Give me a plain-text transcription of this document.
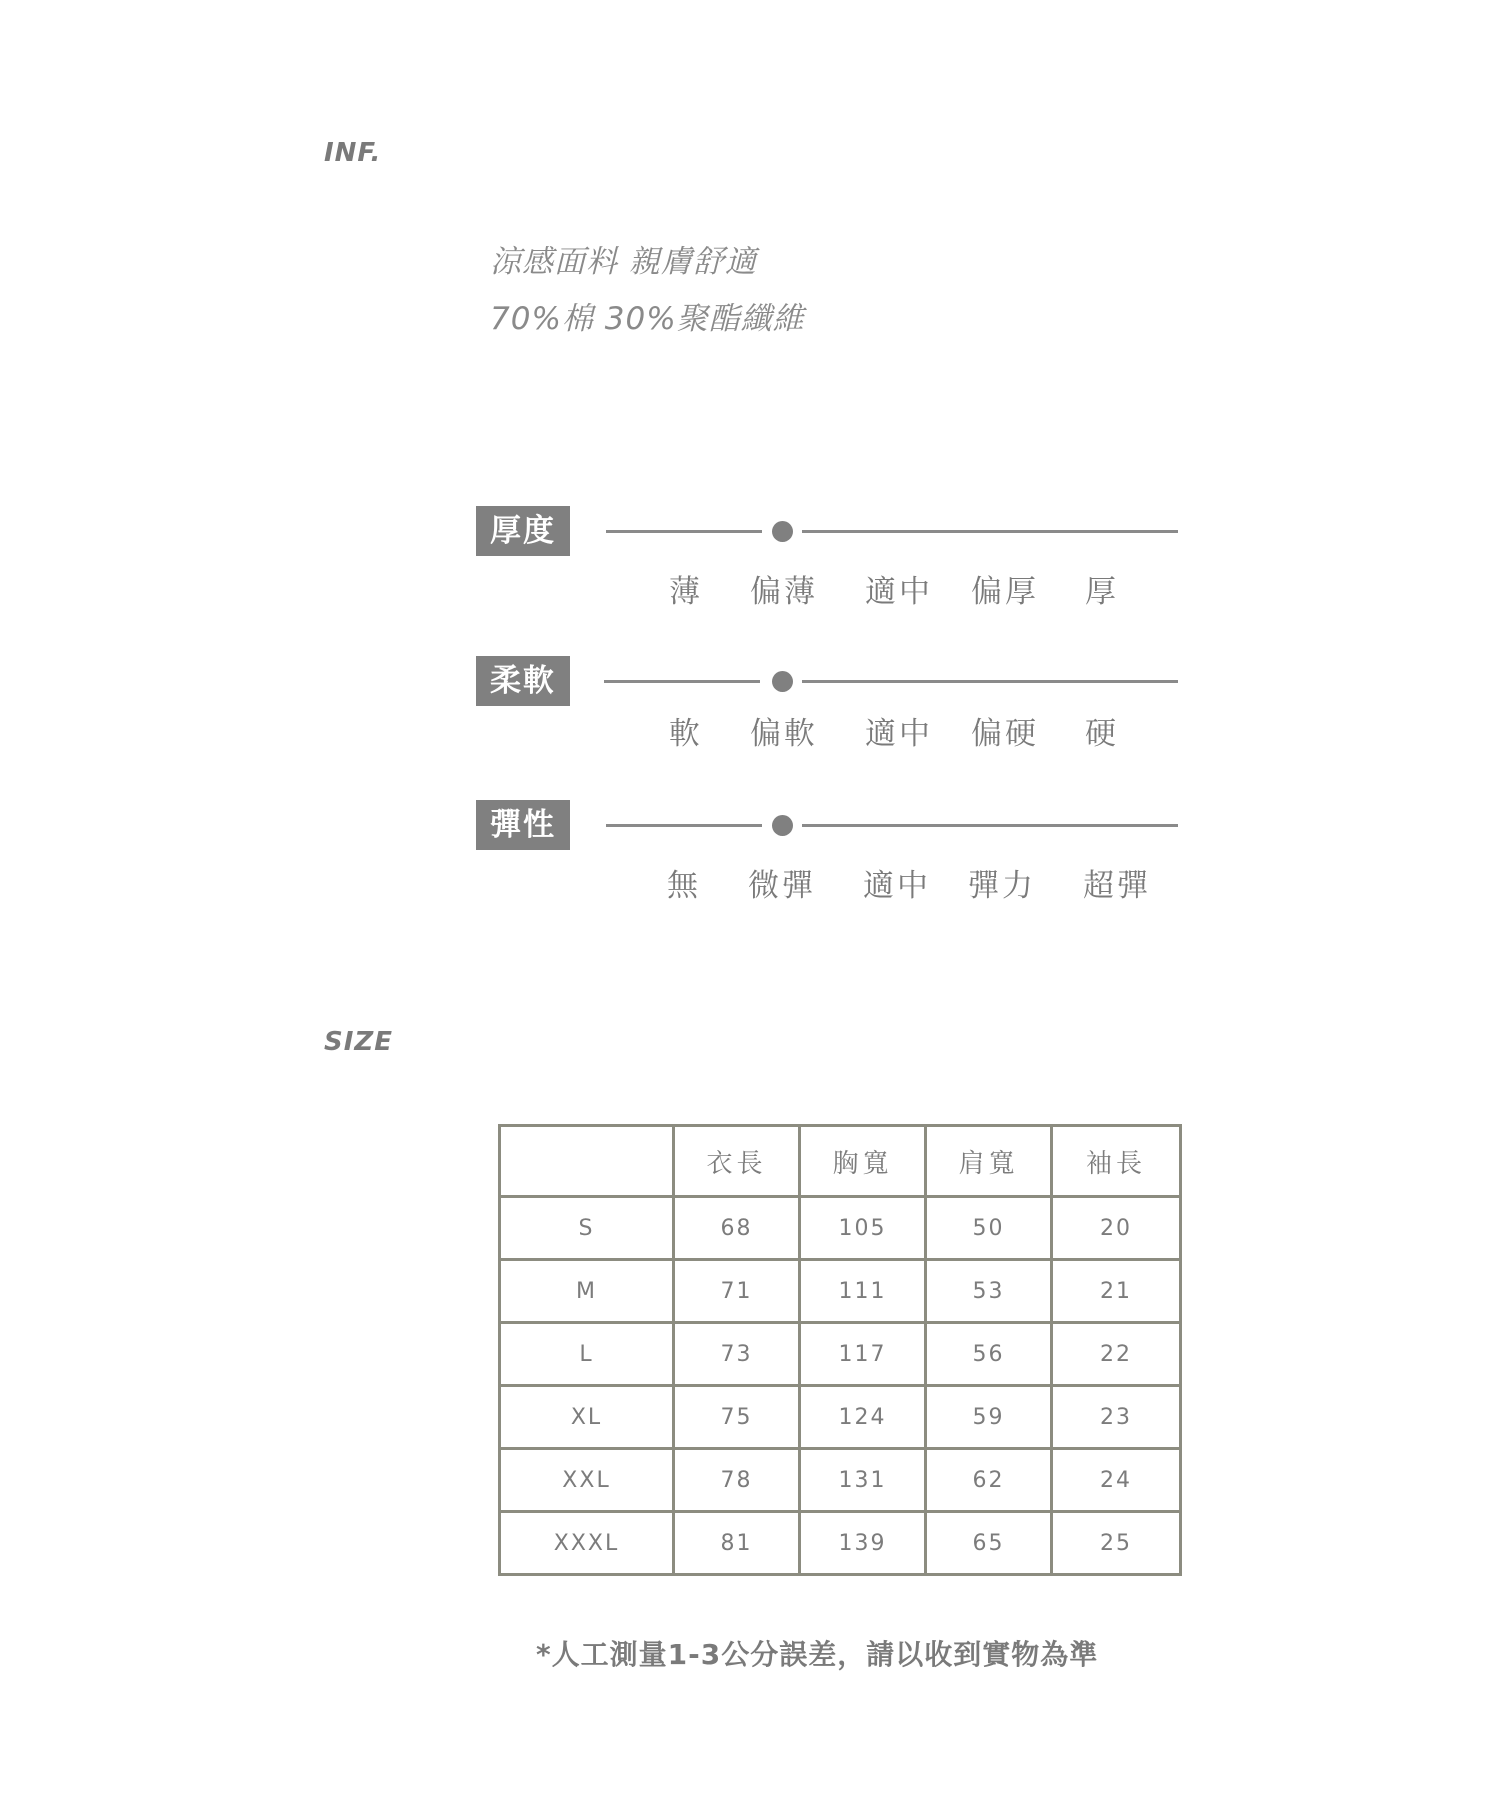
INF.
涼感面料 親膚舒適
70%棉 30%聚酯纖維
厚度
薄 偏薄 適中 偏厚 厚
柔軟
軟 偏軟 適中 偏硬 硬
彈性
無 微彈 適中 彈力 超彈
SIZE
	衣長	胸寬	肩寬	袖長
S	68	105	50	20
M	71	111	53	21
L	73	117	56	22
XL	75	124	59	23
XXL	78	131	62	24
XXXL	81	139	65	25
*人工測量1-3公分誤差，請以收到實物為準
